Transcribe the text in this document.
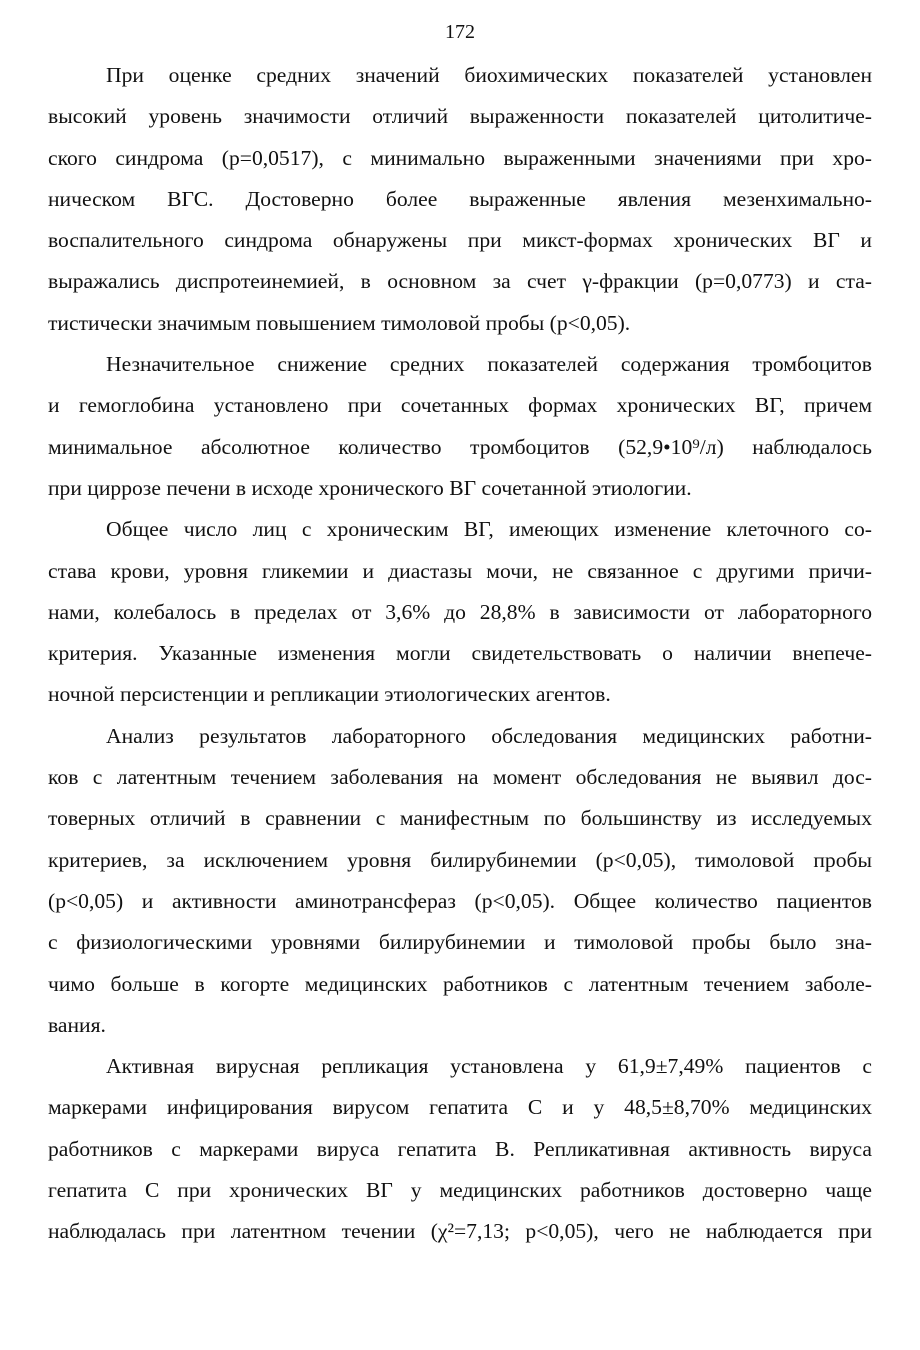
172
При оценке средних значений биохимических показателей установлен
высокий уровень значимости отличий выраженности показателей цитолитиче-
ского синдрома (р=0,0517), с минимально выраженными значениями при хро-
ническом ВГС. Достоверно более выраженные явления мезенхимально-
воспалительного синдрома обнаружены при микст-формах хронических ВГ и
выражались диспротеинемией, в основном за счет γ-фракции (р=0,0773) и ста-
тистически значимым повышением тимоловой пробы (р<0,05).
Незначительное снижение средних показателей содержания тромбоцитов
и гемоглобина установлено при сочетанных формах хронических ВГ, причем
минимальное абсолютное количество тромбоцитов (52,9•10⁹/л) наблюдалось
при циррозе печени в исходе хронического ВГ сочетанной этиологии.
Общее число лиц с хроническим ВГ, имеющих изменение клеточного со-
става крови, уровня гликемии и диастазы мочи, не связанное с другими причи-
нами, колебалось в пределах от 3,6% до 28,8% в зависимости от лабораторного
критерия. Указанные изменения могли свидетельствовать о наличии внепече-
ночной персистенции и репликации этиологических агентов.
Анализ результатов лабораторного обследования медицинских работни-
ков с латентным течением заболевания на момент обследования не выявил дос-
товерных отличий в сравнении с манифестным по большинству из исследуемых
критериев, за исключением уровня билирубинемии (р<0,05), тимоловой пробы
(р<0,05) и активности аминотрансфераз (р<0,05). Общее количество пациентов
с физиологическими уровнями билирубинемии и тимоловой пробы было зна-
чимо больше в когорте медицинских работников с латентным течением заболе-
вания.
Активная вирусная репликация установлена у 61,9±7,49% пациентов с
маркерами инфицирования вирусом гепатита С и у 48,5±8,70% медицинских
работников с маркерами вируса гепатита В. Репликативная активность вируса
гепатита С при хронических ВГ у медицинских работников достоверно чаще
наблюдалась при латентном течении (χ²=7,13; р<0,05), чего не наблюдается при
